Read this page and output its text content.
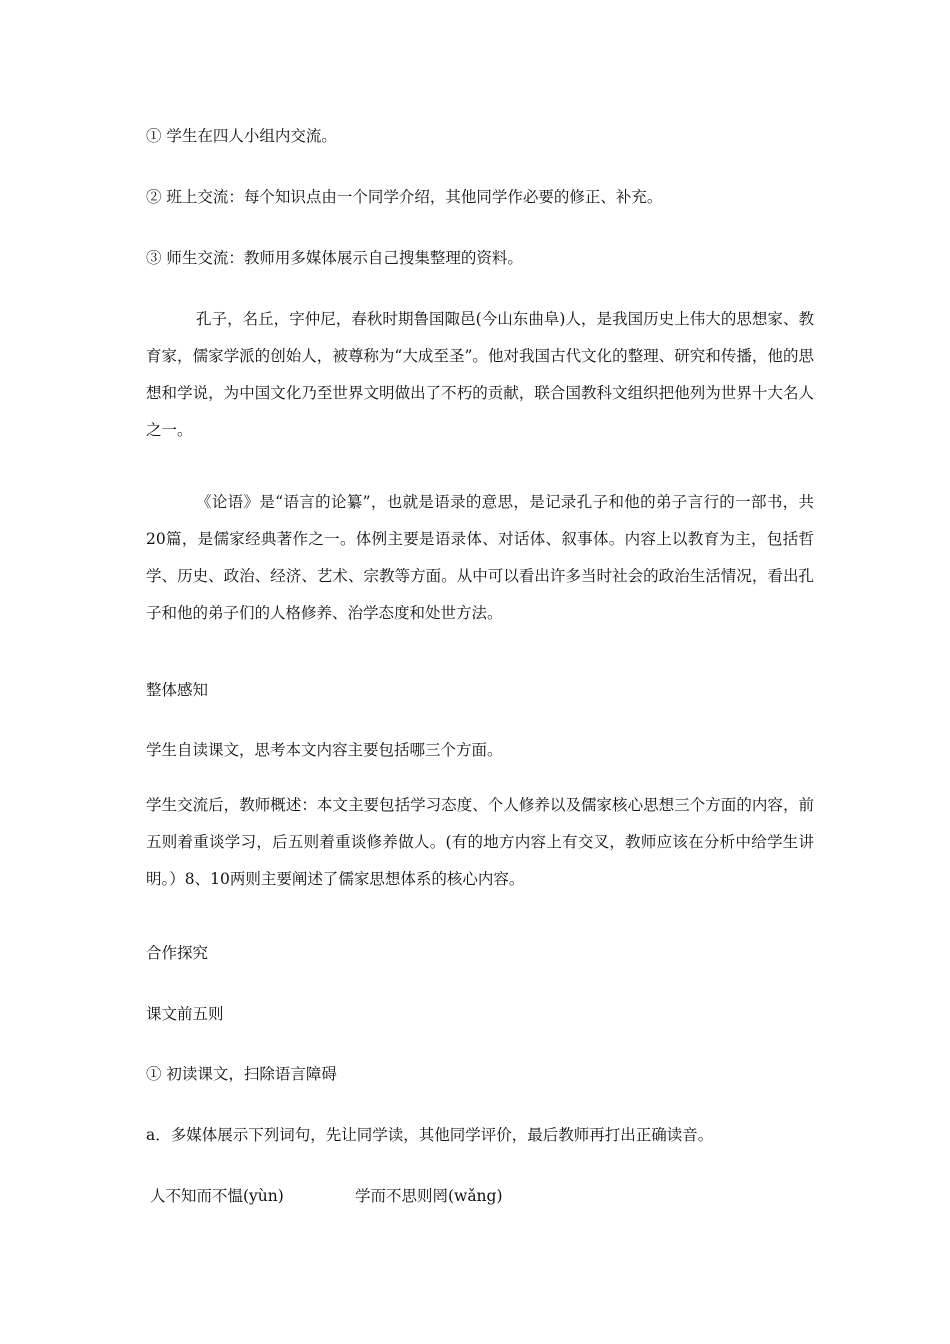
① 学生在四人小组内交流。
② 班上交流：每个知识点由一个同学介绍，其他同学作必要的修正、补充。
③ 师生交流：教师用多媒体展示自己搜集整理的资料。
孔子，名丘，字仲尼，春秋时期鲁国陬邑(今山东曲阜)人，是我国历史上伟大的思想家、教育家，儒家学派的创始人，被尊称为“大成至圣”。他对我国古代文化的整理、研究和传播，他的思想和学说，为中国文化乃至世界文明做出了不朽的贡献，联合国教科文组织把他列为世界十大名人之一。
《论语》是“语言的论纂”，也就是语录的意思，是记录孔子和他的弟子言行的一部书，共20篇，是儒家经典著作之一。体例主要是语录体、对话体、叙事体。内容上以教育为主，包括哲学、历史、政治、经济、艺术、宗教等方面。从中可以看出许多当时社会的政治生活情况，看出孔子和他的弟子们的人格修养、治学态度和处世方法。
整体感知
学生自读课文，思考本文内容主要包括哪三个方面。
学生交流后，教师概述：本文主要包括学习态度、个人修养以及儒家核心思想三个方面的内容，前五则着重谈学习，后五则着重谈修养做人。(有的地方内容上有交叉，教师应该在分析中给学生讲明。）8、10两则主要阐述了儒家思想体系的核心内容。
合作探究
课文前五则
① 初读课文，扫除语言障碍
a．多媒体展示下列词句，先让同学读，其他同学评价，最后教师再打出正确读音。
人不知而不愠(yùn)	学而不思则罔(wǎng)
